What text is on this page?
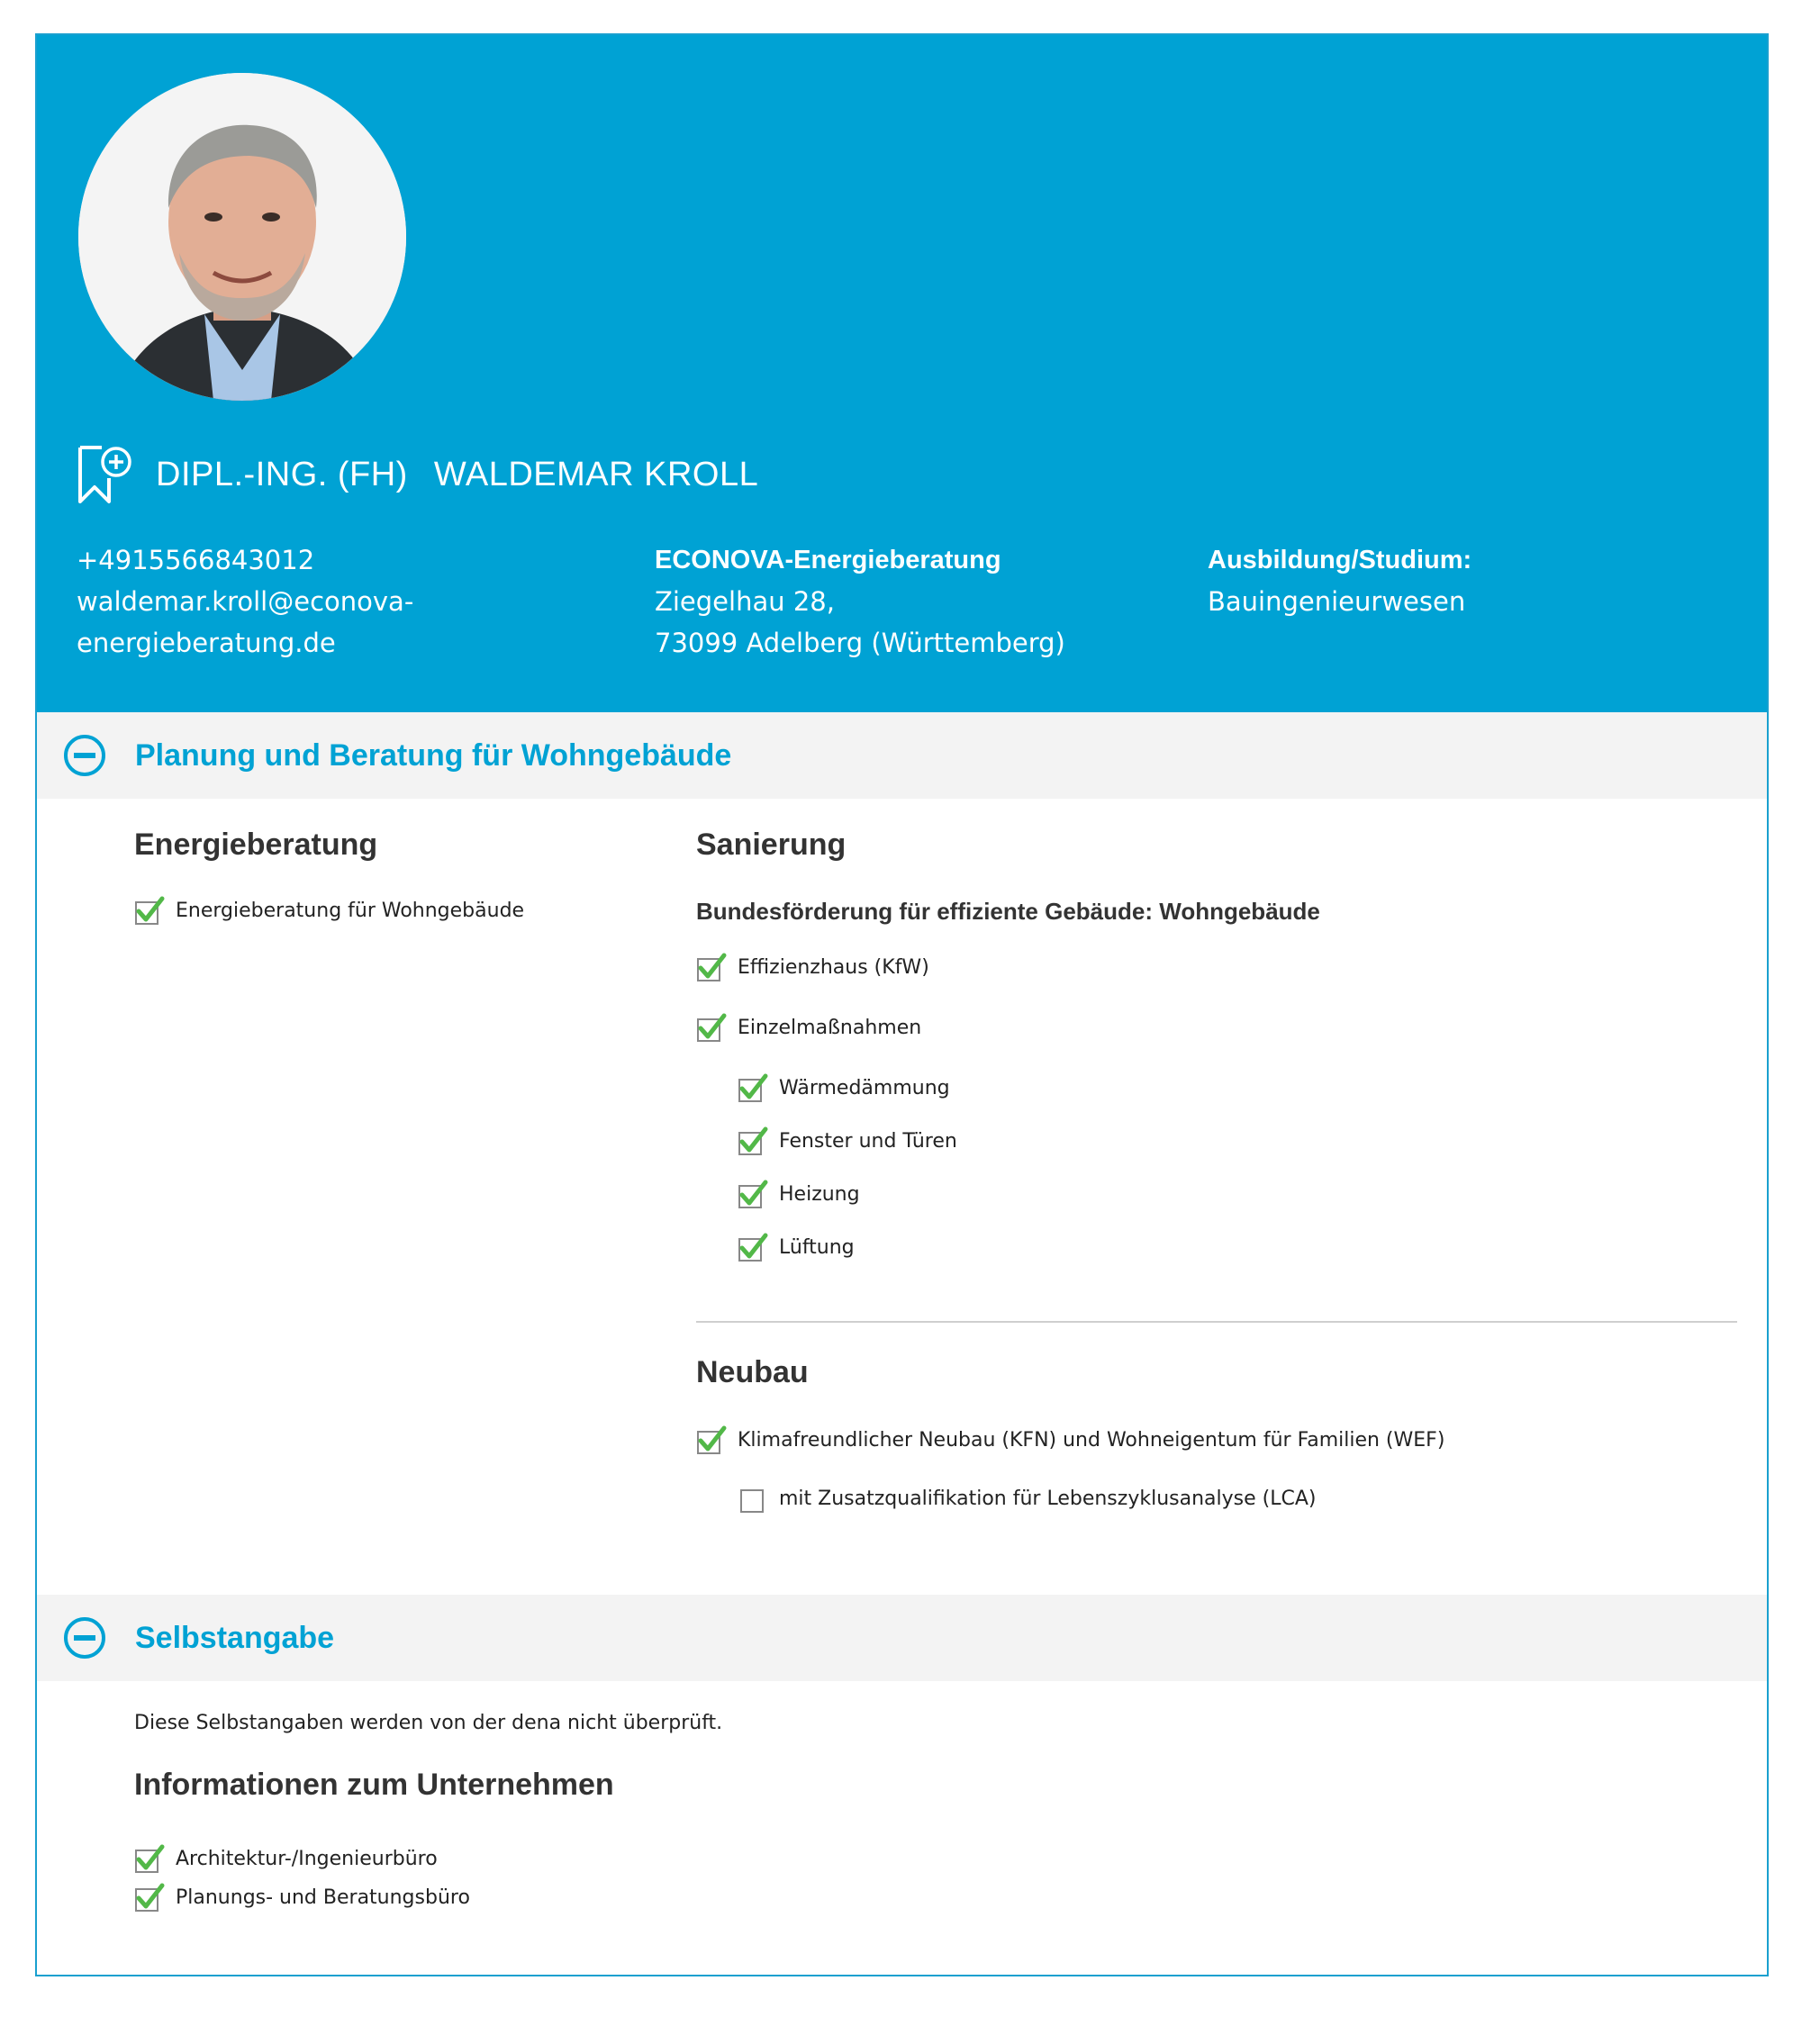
DIPL.-ING. (FH) WALDEMAR KROLL
+4915566843012
waldemar.kroll@econova-
energieberatung.de
ECONOVA-Energieberatung
Ziegelhau 28,
73099 Adelberg (Württemberg)
Ausbildung/Studium:
Bauingenieurwesen
Planung und Beratung für Wohngebäude
Energieberatung
Energieberatung für Wohngebäude
Sanierung
Bundesförderung für effiziente Gebäude: Wohngebäude
Effizienzhaus (KfW)
Einzelmaßnahmen
Wärmedämmung
Fenster und Türen
Heizung
Lüftung
Neubau
Klimafreundlicher Neubau (KFN) und Wohneigentum für Familien (WEF)
mit Zusatzqualifikation für Lebenszyklusanalyse (LCA)
Selbstangabe
Diese Selbstangaben werden von der dena nicht überprüft.
Informationen zum Unternehmen
Architektur-/Ingenieurbüro
Planungs- und Beratungsbüro
